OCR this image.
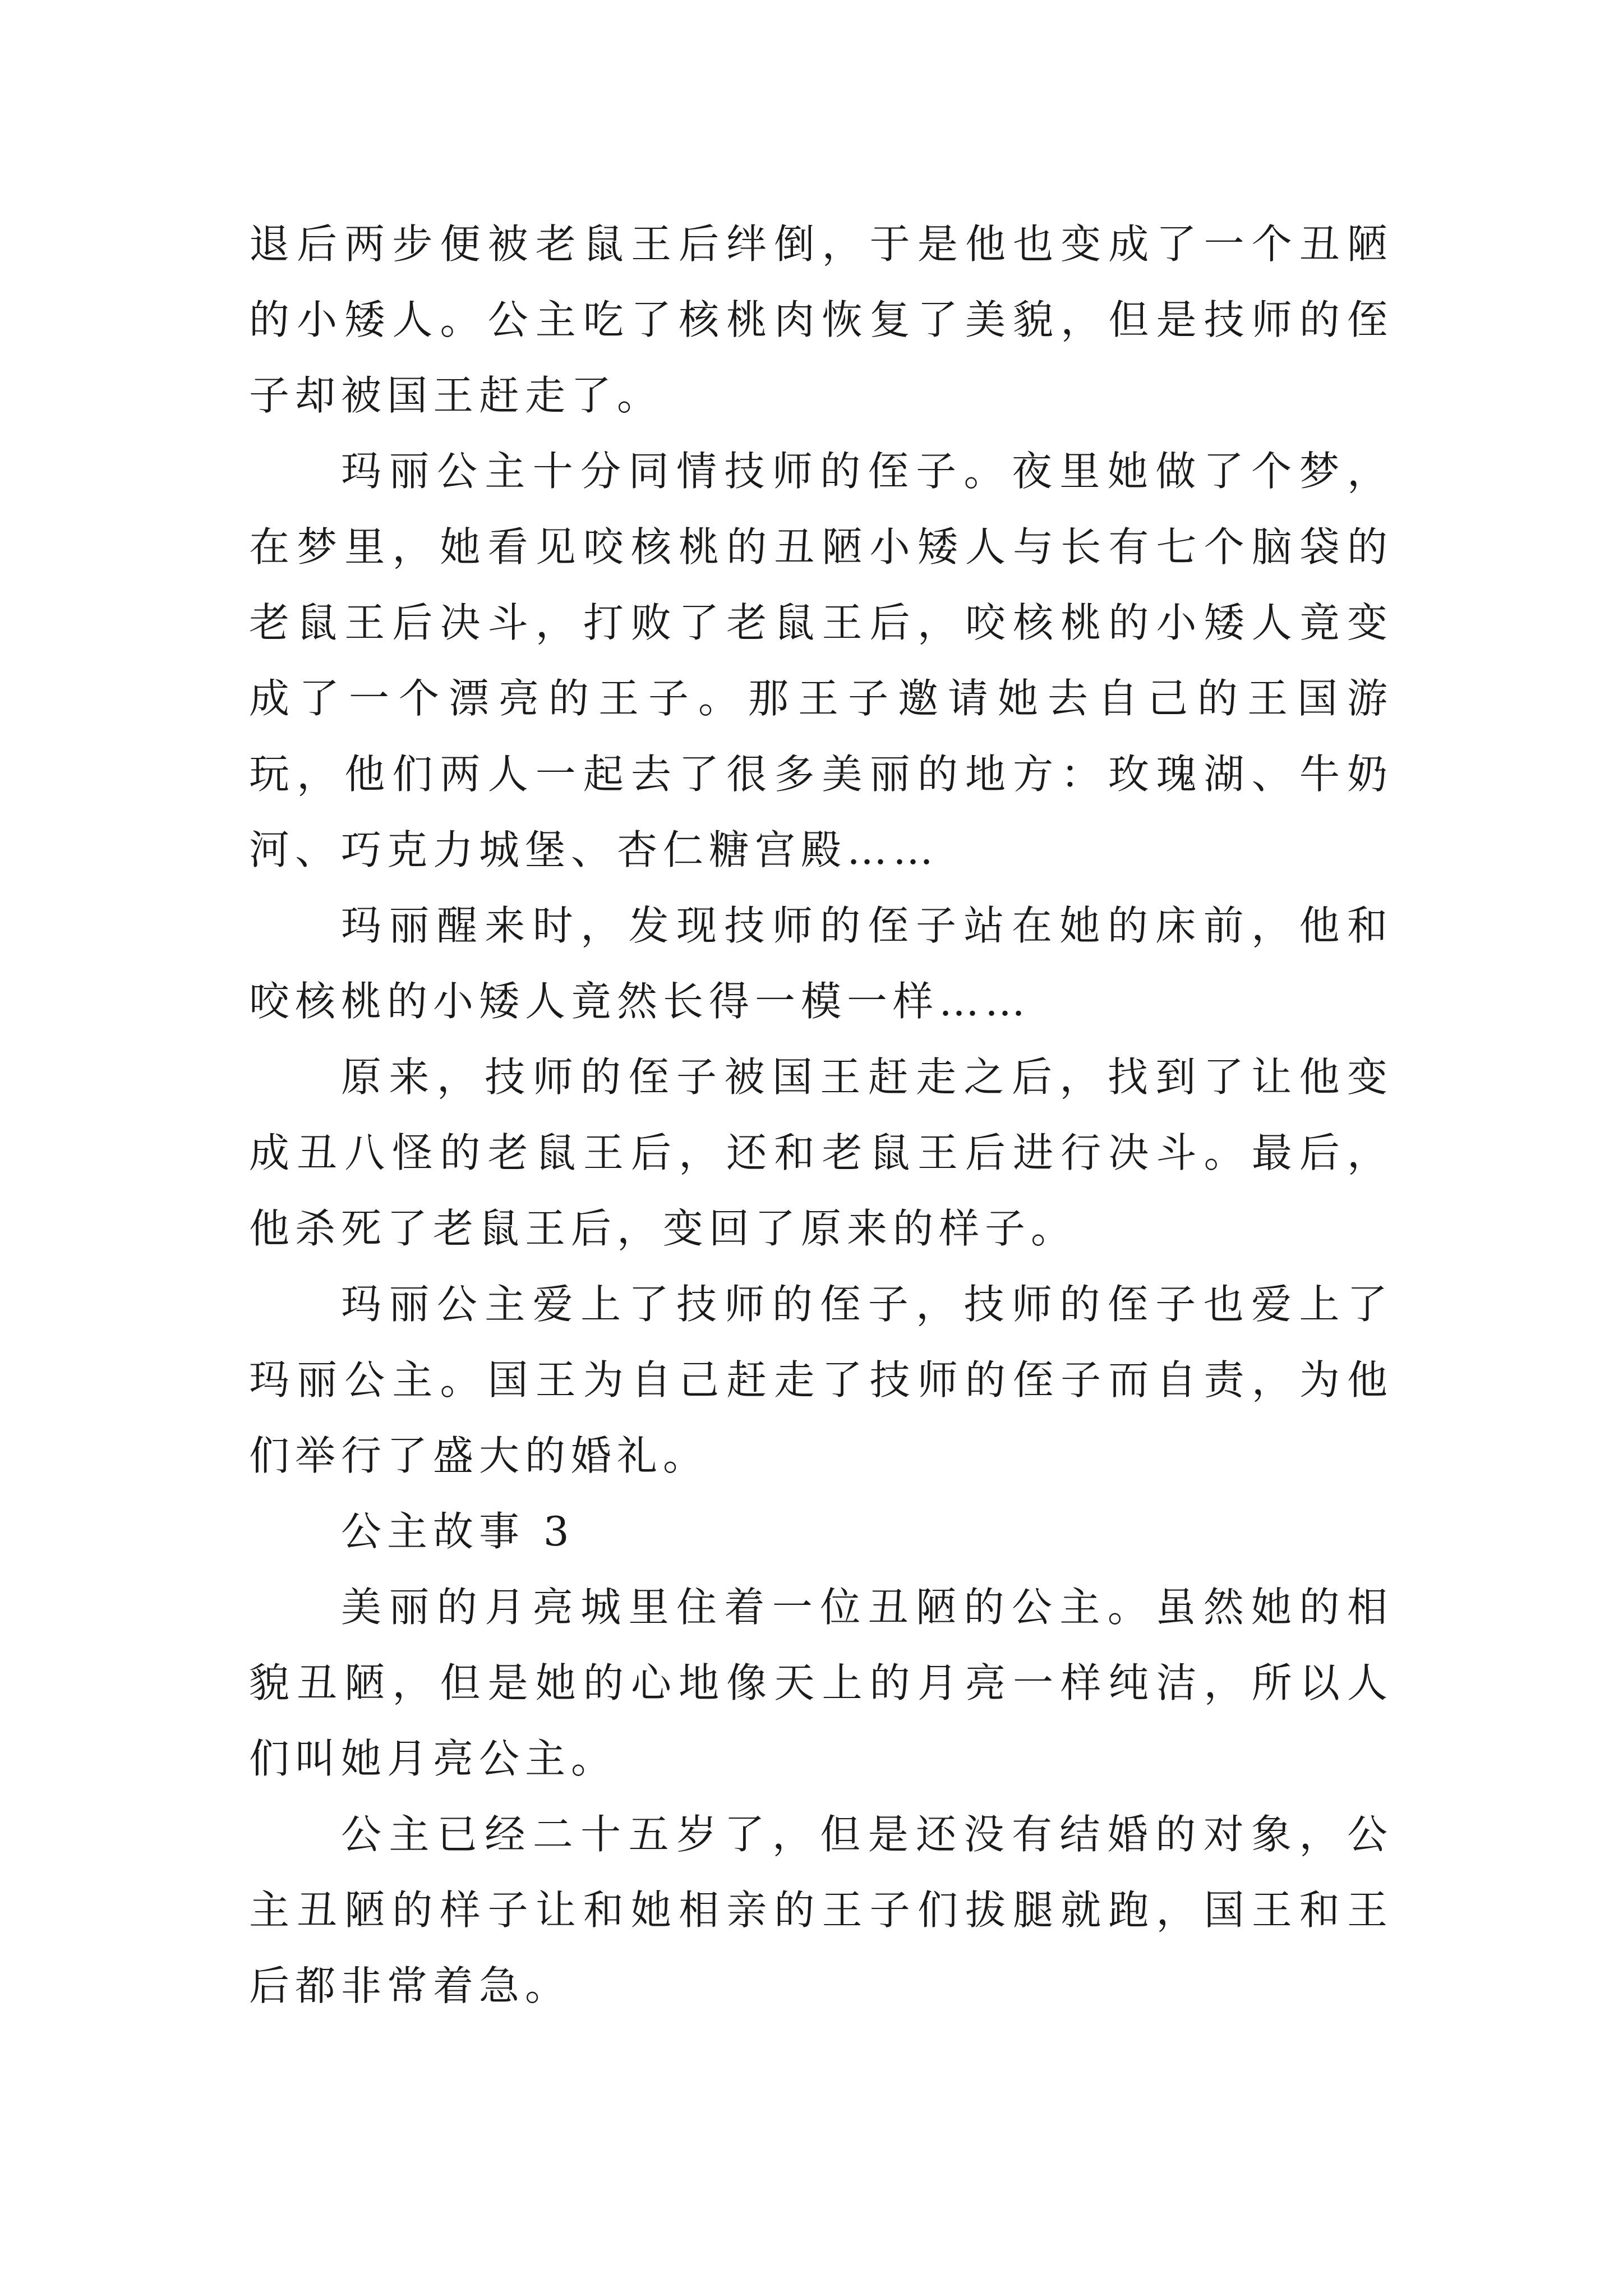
退后两步便被老鼠王后绊倒，于是他也变成了一个丑陋的小矮人。公主吃了核桃肉恢复了美貌，但是技师的侄子却被国王赶走了。

玛丽公主十分同情技师的侄子。夜里她做了个梦，在梦里，她看见咬核桃的丑陋小矮人与长有七个脑袋的老鼠王后决斗，打败了老鼠王后，咬核桃的小矮人竟变成了一个漂亮的王子。那王子邀请她去自己的王国游玩，他们两人一起去了很多美丽的地方：玫瑰湖、牛奶河、巧克力城堡、杏仁糖宫殿……

玛丽醒来时，发现技师的侄子站在她的床前，他和咬核桃的小矮人竟然长得一模一样……

原来，技师的侄子被国王赶走之后，找到了让他变成丑八怪的老鼠王后，还和老鼠王后进行决斗。最后，他杀死了老鼠王后，变回了原来的样子。

玛丽公主爱上了技师的侄子，技师的侄子也爱上了玛丽公主。国王为自己赶走了技师的侄子而自责，为他们举行了盛大的婚礼。

公主故事 3

美丽的月亮城里住着一位丑陋的公主。虽然她的相貌丑陋，但是她的心地像天上的月亮一样纯洁，所以人们叫她月亮公主。

公主已经二十五岁了，但是还没有结婚的对象，公主丑陋的样子让和她相亲的王子们拔腿就跑，国王和王后都非常着急。
